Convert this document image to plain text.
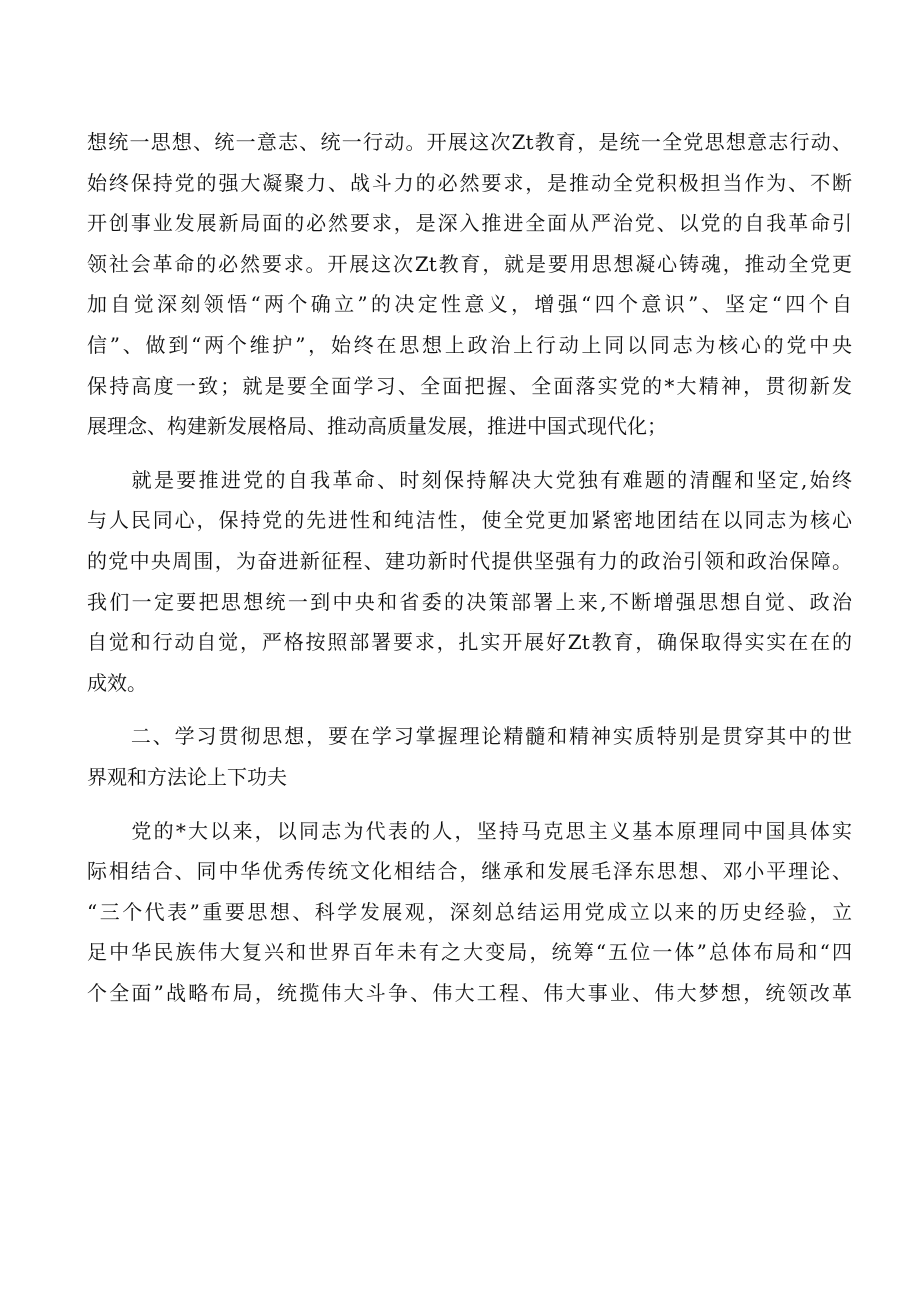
想统一思想、统一意志、统一行动。开展这次Zt教育，是统一全党思想意志行动、
始终保持党的强大凝聚力、战斗力的必然要求，是推动全党积极担当作为、不断
开创事业发展新局面的必然要求，是深入推进全面从严治党、以党的自我革命引
领社会革命的必然要求。开展这次Zt教育，就是要用思想凝心铸魂，推动全党更
加自觉深刻领悟“两个确立”的决定性意义，增强“四个意识”、坚定“四个自
信”、做到“两个维护”，始终在思想上政治上行动上同以同志为核心的党中央
保持高度一致；就是要全面学习、全面把握、全面落实党的*大精神，贯彻新发
展理念、构建新发展格局、推动高质量发展，推进中国式现代化；
　　就是要推进党的自我革命、时刻保持解决大党独有难题的清醒和坚定,始终
与人民同心，保持党的先进性和纯洁性，使全党更加紧密地团结在以同志为核心
的党中央周围，为奋进新征程、建功新时代提供坚强有力的政治引领和政治保障。
我们一定要把思想统一到中央和省委的决策部署上来,不断增强思想自觉、政治
自觉和行动自觉，严格按照部署要求，扎实开展好Zt教育，确保取得实实在在的
成效。
　　二、学习贯彻思想，要在学习掌握理论精髓和精神实质特别是贯穿其中的世
界观和方法论上下功夫
　　党的*大以来，以同志为代表的人，坚持马克思主义基本原理同中国具体实
际相结合、同中华优秀传统文化相结合，继承和发展毛泽东思想、邓小平理论、
“三个代表”重要思想、科学发展观，深刻总结运用党成立以来的历史经验，立
足中华民族伟大复兴和世界百年未有之大变局，统筹“五位一体”总体布局和“四
个全面”战略布局，统揽伟大斗争、伟大工程、伟大事业、伟大梦想，统领改革
